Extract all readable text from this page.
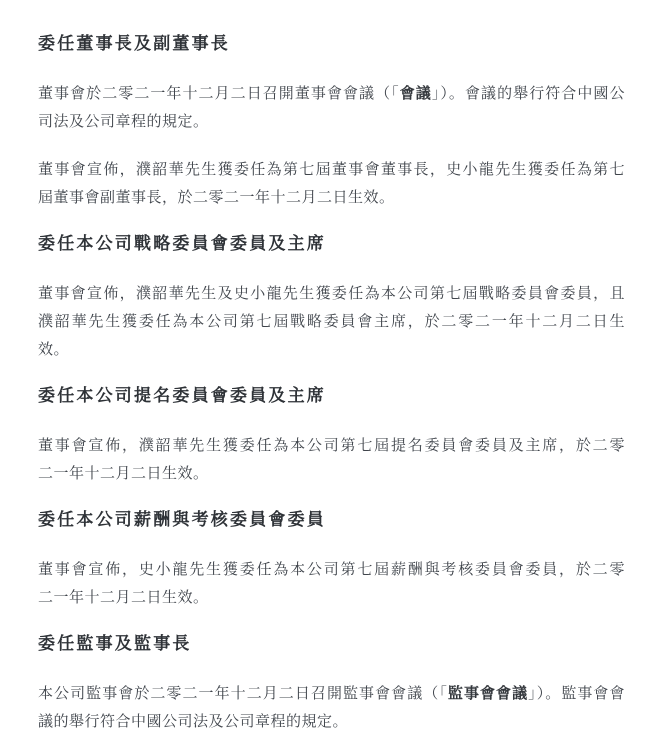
委任董事長及副董事長

董事會於二零二一年十二月二日召開董事會會議（「會議」）。會議的舉行符合中國公
司法及公司章程的規定。

董事會宣佈，濮韶華先生獲委任為第七屆董事會董事長，史小龍先生獲委任為第七
屆董事會副董事長，於二零二一年十二月二日生效。

委任本公司戰略委員會委員及主席

董事會宣佈，濮韶華先生及史小龍先生獲委任為本公司第七屆戰略委員會委員，且
濮韶華先生獲委任為本公司第七屆戰略委員會主席，於二零二一年十二月二日生
效。

委任本公司提名委員會委員及主席

董事會宣佈，濮韶華先生獲委任為本公司第七屆提名委員會委員及主席，於二零
二一年十二月二日生效。

委任本公司薪酬與考核委員會委員

董事會宣佈，史小龍先生獲委任為本公司第七屆薪酬與考核委員會委員，於二零
二一年十二月二日生效。

委任監事及監事長

本公司監事會於二零二一年十二月二日召開監事會會議（「監事會會議」）。監事會會
議的舉行符合中國公司法及公司章程的規定。
